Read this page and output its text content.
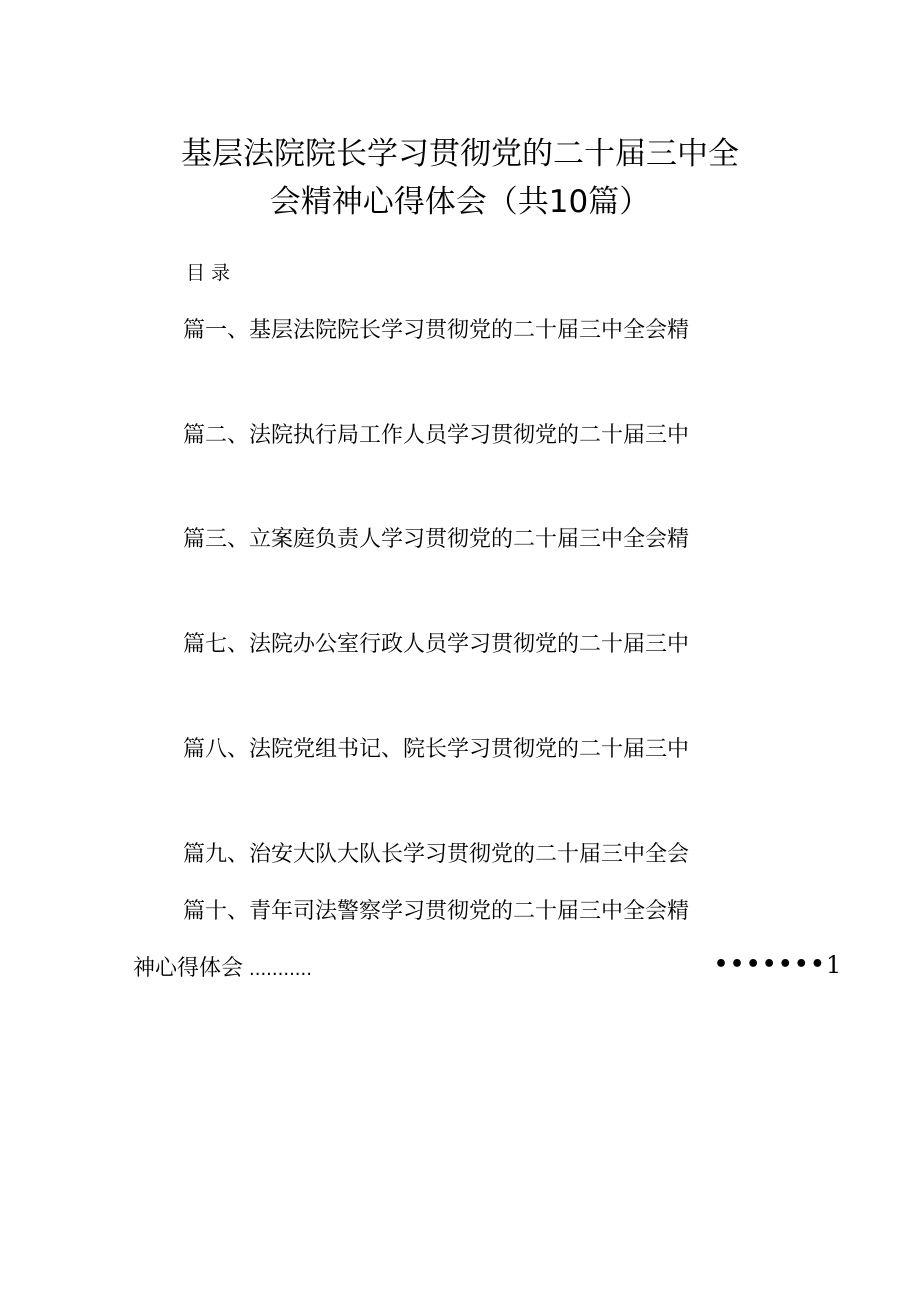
基层法院院长学习贯彻党的二十届三中全
会精神心得体会（共10篇）
目 录
篇一、基层法院院长学习贯彻党的二十届三中全会精
篇二、法院执行局工作人员学习贯彻党的二十届三中
篇三、立案庭负责人学习贯彻党的二十届三中全会精
篇七、法院办公室行政人员学习贯彻党的二十届三中
篇八、法院党组书记、院长学习贯彻党的二十届三中
篇九、治安大队大队长学习贯彻党的二十届三中全会
篇十、青年司法警察学习贯彻党的二十届三中全会精
神心得体会 ...........	••••••• 1
